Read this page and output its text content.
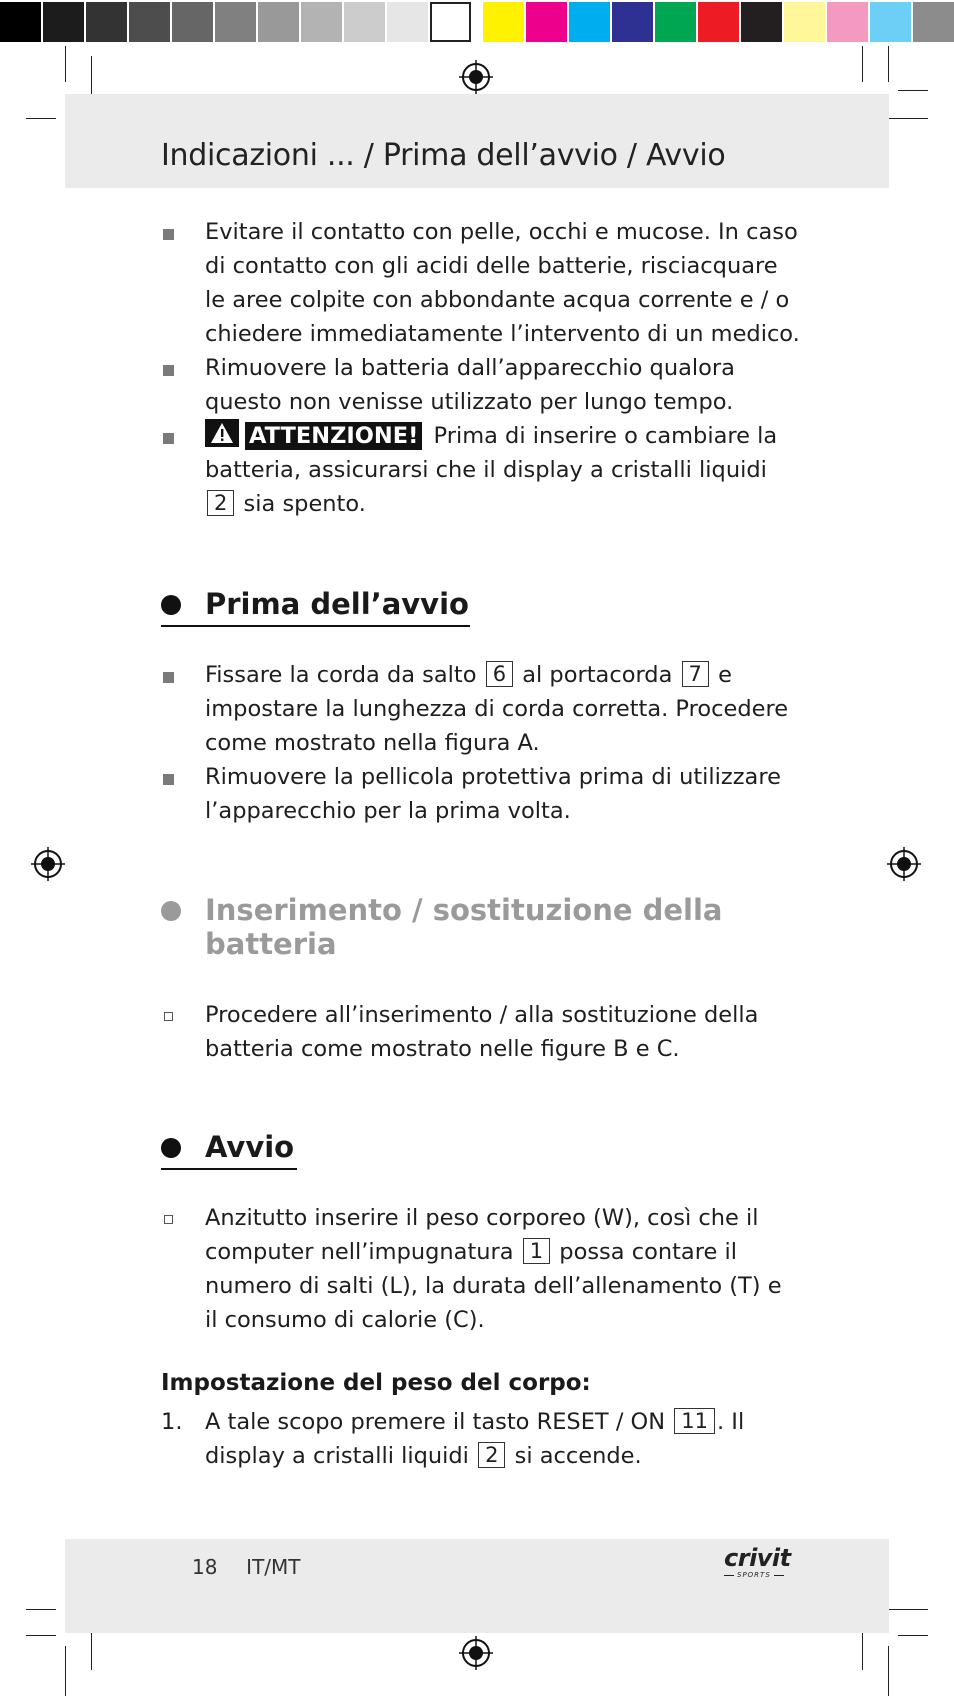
Indicazioni ... / Prima dell’avvio / Avvio
Evitare il contatto con pelle, occhi e mucose. In caso di contatto con gli acidi delle batterie, risciacquare le aree colpite con abbondante acqua corrente e / o chiedere immediatamente l’intervento di un medico.
Rimuovere la batteria dall’apparecchio qualora questo non venisse utilizzato per lungo tempo.
ATTENZIONE! Prima di inserire o cambiare la batteria, assicurarsi che il display a cristalli liquidi 2 sia spento.
Prima dell’avvio
Fissare la corda da salto 6 al portacorda 7 e impostare la lunghezza di corda corretta. Procedere come mostrato nella figura A.
Rimuovere la pellicola protettiva prima di utilizzare l’apparecchio per la prima volta.
Inserimento / sostituzione della
batteria
Procedere all’inserimento / alla sostituzione della batteria come mostrato nelle figure B e C.
Avvio
Anzitutto inserire il peso corporeo (W), così che il computer nell’impugnatura 1 possa contare il numero di salti (L), la durata dell’allenamento (T) e il consumo di calorie (C).
Impostazione del peso del corpo:
1. A tale scopo premere il tasto RESET / ON 11 . Il display a cristalli liquidi 2 si accende.
18 IT/MT	crivit
SPORTS
